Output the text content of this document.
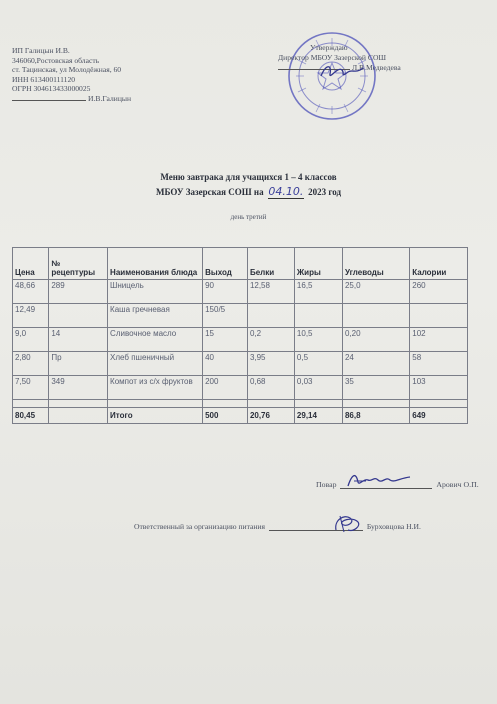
ИП Галицын И.В.
346060,Ростовская область
ст. Тацинская, ул Молодёжная, 60
ИНН 613400111120
ОГРН 304613433000025
И.В.Галицын
Утверждаю
Директор МБОУ Зазерской СОШ
Л.В.Медведева
Меню завтрака для учащихся 1 – 4 классов
МБОУ Зазерская СОШ на 04.10. 2023 год
день третий
Цена	№ рецептуры	Наименования блюда	Выход	Белки	Жиры	Углеводы	Калории
48,66	289	Шницель	90	12,58	16,5	25,0	260
12,49		Каша гречневая	150/5				
9,0	14	Сливочное масло	15	0,2	10,5	0,20	102
2,80	Пр	Хлеб пшеничный	40	3,95	0,5	24	58
7,50	349	Компот из с/х фруктов	200	0,68	0,03	35	103

80,45		Итого	500	20,76	29,14	86,8	649
Повар	Арович О.П.
Ответственный за организацию питания	Бурховцова Н.И.
